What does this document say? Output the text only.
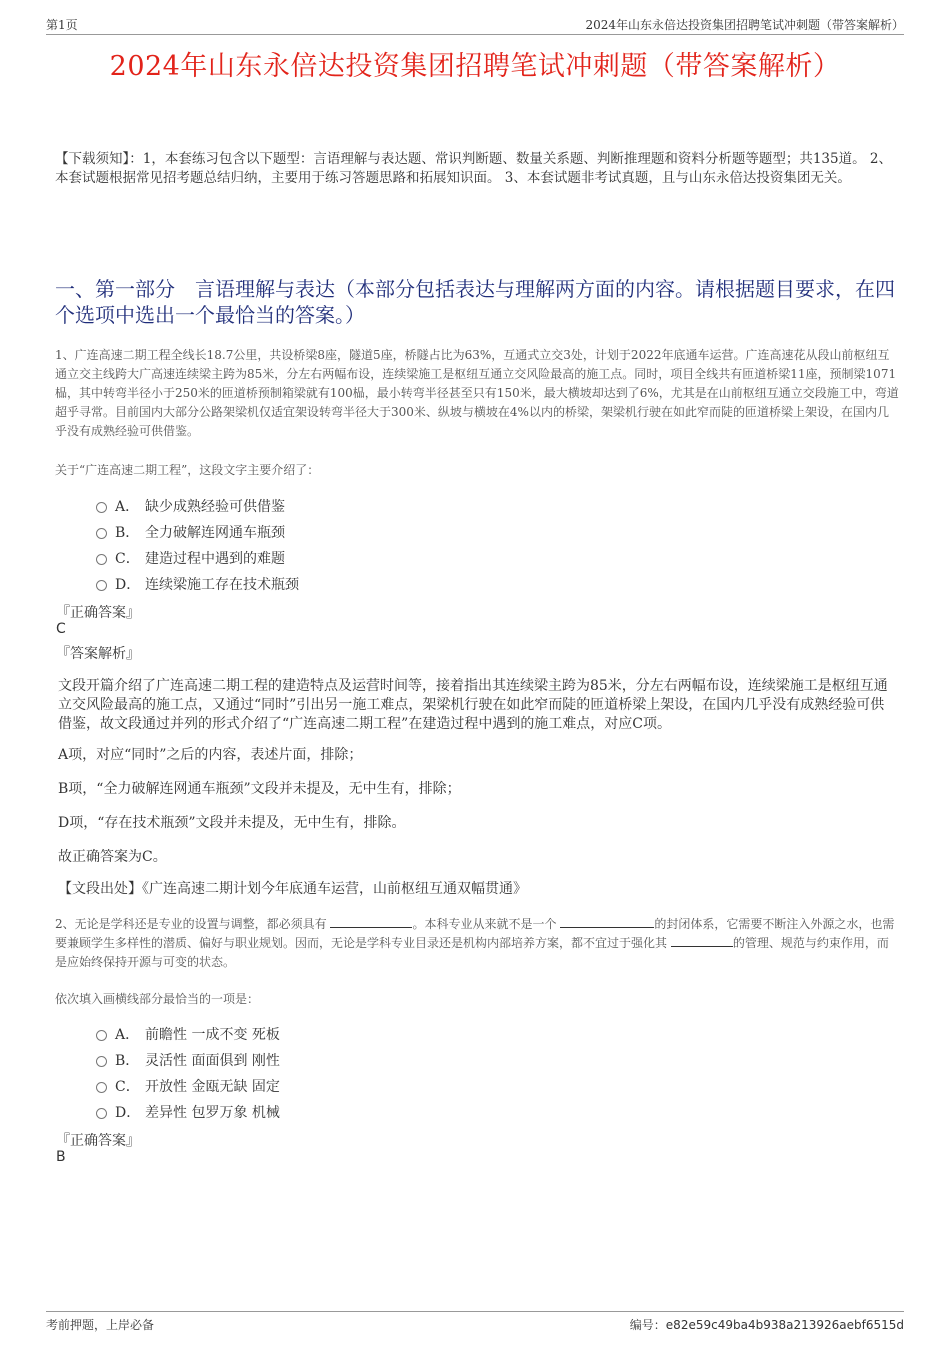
第1页	2024年山东永倍达投资集团招聘笔试冲刺题（带答案解析）
2024年山东永倍达投资集团招聘笔试冲刺题（带答案解析）
【下载须知】：1，本套练习包含以下题型：言语理解与表达题、常识判断题、数量关系题、判断推理题和资料分析题等题型；共135道。 2、本套试题根据常见招考题总结归纳，主要用于练习答题思路和拓展知识面。 3、本套试题非考试真题，且与山东永倍达投资集团无关。
一、第一部分　言语理解与表达（本部分包括表达与理解两方面的内容。请根据题目要求，在四个选项中选出一个最恰当的答案。）
1、广连高速二期工程全线长18.7公里，共设桥梁8座，隧道5座，桥隧占比为63%，互通式立交3处，计划于2022年底通车运营。广连高速花从段山前枢纽互通立交主线跨大广高速连续梁主跨为85米，分左右两幅布设，连续梁施工是枢纽互通立交风险最高的施工点。同时，项目全线共有匝道桥梁11座，预制梁1071榀，其中转弯半径小于250米的匝道桥预制箱梁就有100榀，最小转弯半径甚至只有150米，最大横坡却达到了6%，尤其是在山前枢纽互通立交段施工中，弯道超乎寻常。目前国内大部分公路架梁机仅适宜架设转弯半径大于300米、纵坡与横坡在4%以内的桥梁，架梁机行驶在如此窄而陡的匝道桥梁上架设，在国内几乎没有成熟经验可供借鉴。
关于“广连高速二期工程”，这段文字主要介绍了：
A． 缺少成熟经验可供借鉴
B． 全力破解连网通车瓶颈
C． 建造过程中遇到的难题
D． 连续梁施工存在技术瓶颈
『正确答案』
C
『答案解析』
文段开篇介绍了广连高速二期工程的建造特点及运营时间等，接着指出其连续梁主跨为85米，分左右两幅布设，连续梁施工是枢纽互通立交风险最高的施工点，又通过“同时”引出另一施工难点，架梁机行驶在如此窄而陡的匝道桥梁上架设，在国内几乎没有成熟经验可供借鉴，故文段通过并列的形式介绍了“广连高速二期工程”在建造过程中遇到的施工难点，对应C项。
A项，对应“同时”之后的内容，表述片面，排除；
B项，“全力破解连网通车瓶颈”文段并未提及，无中生有，排除；
D项，“存在技术瓶颈”文段并未提及，无中生有，排除。
故正确答案为C。
【文段出处】《广连高速二期计划今年底通车运营，山前枢纽互通双幅贯通》
2、无论是学科还是专业的设置与调整，都必须具有	。本科专业从来就不是一个	的封闭体系，它需要不断注入外源之水，也需要兼顾学生多样性的潜质、偏好与职业规划。因而，无论是学科专业目录还是机构内部培养方案，都不宜过于强化其	的管理、规范与约束作用，而是应始终保持开源与可变的状态。
依次填入画横线部分最恰当的一项是：
A． 前瞻性 一成不变 死板
B． 灵活性 面面俱到 刚性
C． 开放性 金瓯无缺 固定
D． 差异性 包罗万象 机械
『正确答案』
B
考前押题，上岸必备	编号：e82e59c49ba4b938a213926aebf6515d
